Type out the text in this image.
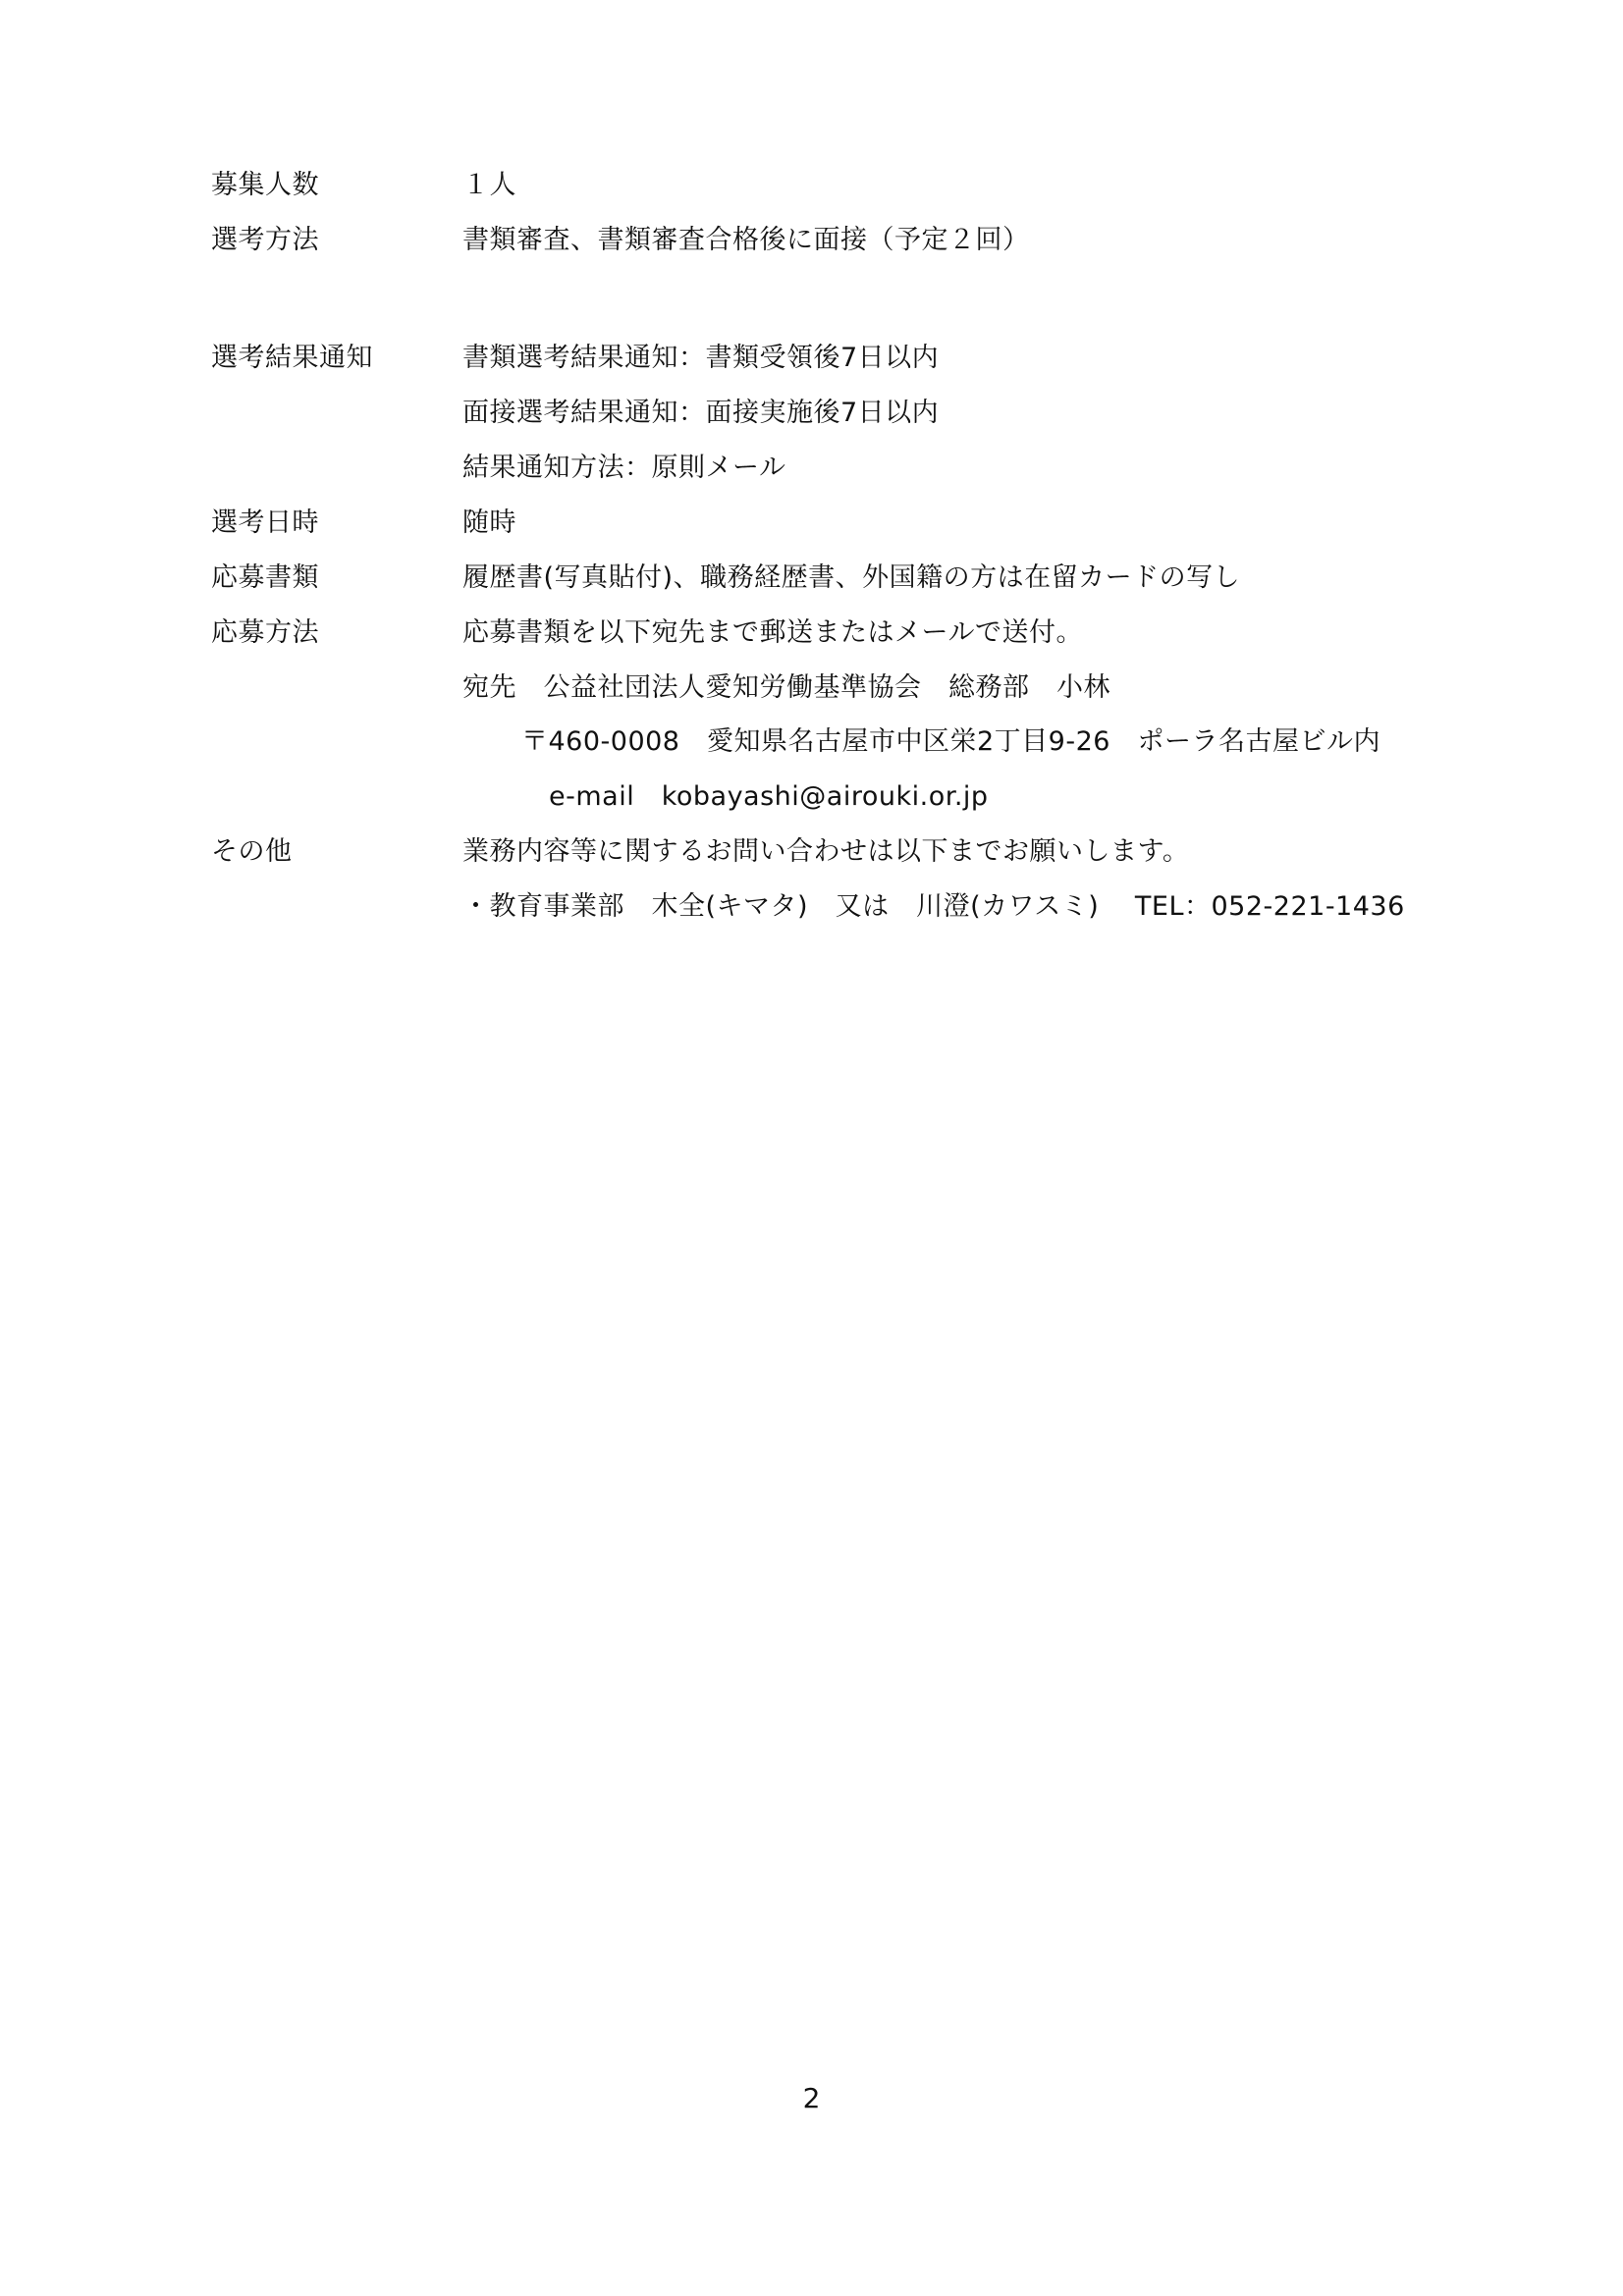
募集人数	１人
選考方法	書類審査、書類審査合格後に面接（予定２回）
選考結果通知	書類選考結果通知：書類受領後7日以内
面接選考結果通知：面接実施後7日以内
結果通知方法：原則メール
選考日時	随時
応募書類	履歴書(写真貼付)、職務経歴書、外国籍の方は在留カードの写し
応募方法	応募書類を以下宛先まで郵送またはメールで送付。
宛先　公益社団法人愛知労働基準協会　総務部　小林
〒460-0008　愛知県名古屋市中区栄2丁目9-26　ポーラ名古屋ビル内
e-mail　kobayashi@airouki.or.jp
その他	業務内容等に関するお問い合わせは以下までお願いします。
・教育事業部　木全(キマタ)　又は　川澄(カワスミ)　 TEL：052-221-1436
2
